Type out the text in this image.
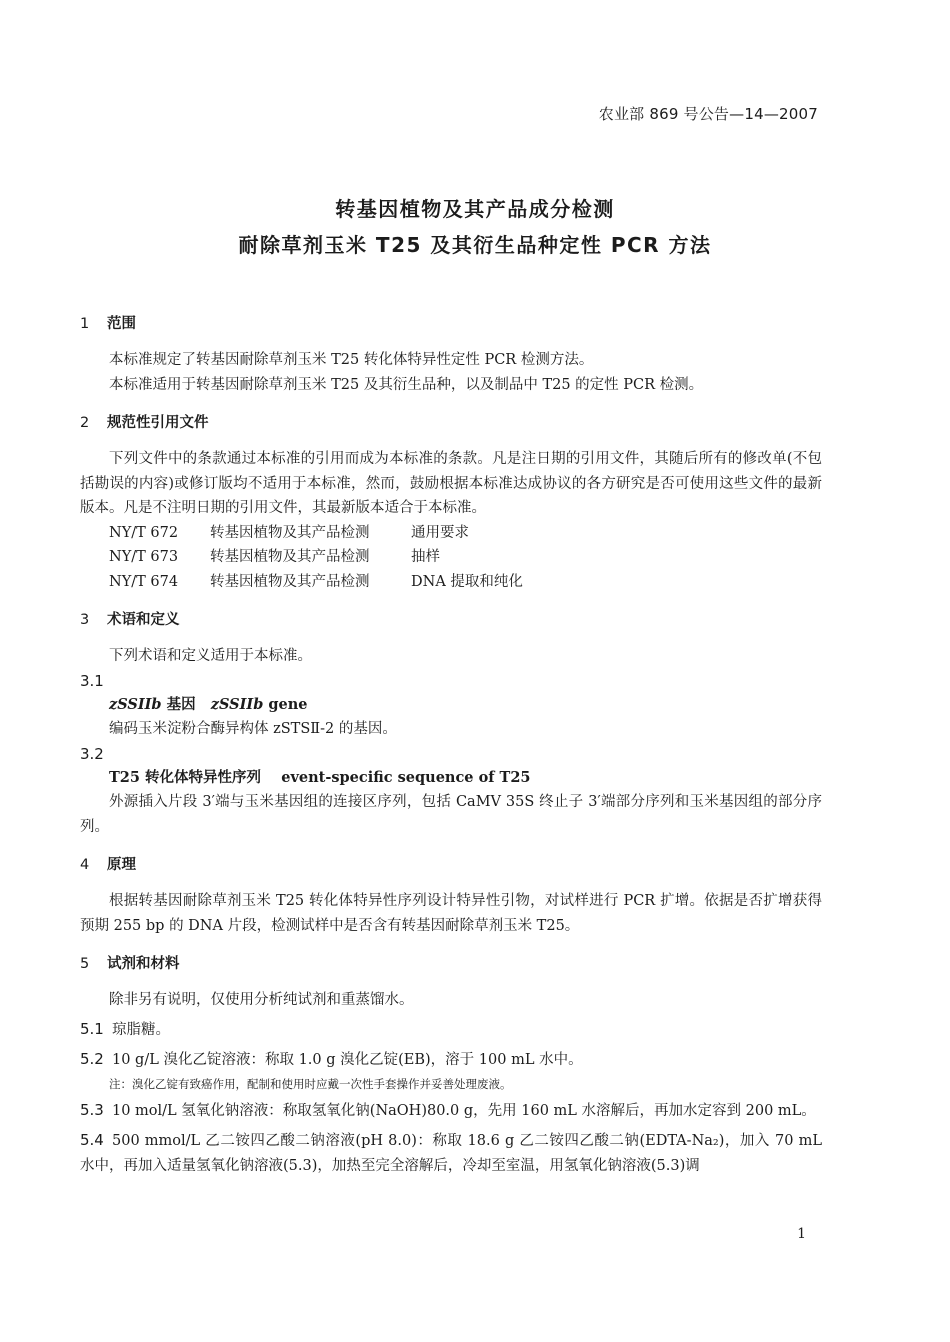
农业部 869 号公告—14—2007
转基因植物及其产品成分检测
耐除草剂玉米 T25 及其衍生品种定性 PCR 方法
1 范围
本标准规定了转基因耐除草剂玉米 T25 转化体特异性定性 PCR 检测方法。
本标准适用于转基因耐除草剂玉米 T25 及其衍生品种，以及制品中 T25 的定性 PCR 检测。
2 规范性引用文件
下列文件中的条款通过本标准的引用而成为本标准的条款。凡是注日期的引用文件，其随后所有的修改单(不包括勘误的内容)或修订版均不适用于本标准，然而，鼓励根据本标准达成协议的各方研究是否可使用这些文件的最新版本。凡是不注明日期的引用文件，其最新版本适合于本标准。
NY/T 672 转基因植物及其产品检测	通用要求
NY/T 673 转基因植物及其产品检测	抽样
NY/T 674 转基因植物及其产品检测	DNA 提取和纯化
3 术语和定义
下列术语和定义适用于本标准。
3.1
zSSIIb 基因 zSSIIb gene
编码玉米淀粉合酶异构体 zSTSⅡ-2 的基因。
3.2
T25 转化体特异性序列 event-specific sequence of T25
外源插入片段 3′端与玉米基因组的连接区序列，包括 CaMV 35S 终止子 3′端部分序列和玉米基因组的部分序列。
4 原理
根据转基因耐除草剂玉米 T25 转化体特异性序列设计特异性引物，对试样进行 PCR 扩增。依据是否扩增获得预期 255 bp 的 DNA 片段，检测试样中是否含有转基因耐除草剂玉米 T25。
5 试剂和材料
除非另有说明，仅使用分析纯试剂和重蒸馏水。
5.1 琼脂糖。
5.2 10 g/L 溴化乙锭溶液：称取 1.0 g 溴化乙锭(EB)，溶于 100 mL 水中。
注：溴化乙锭有致癌作用，配制和使用时应戴一次性手套操作并妥善处理废液。
5.3 10 mol/L 氢氧化钠溶液：称取氢氧化钠(NaOH)80.0 g，先用 160 mL 水溶解后，再加水定容到 200 mL。
5.4 500 mmol/L 乙二铵四乙酸二钠溶液(pH 8.0)：称取 18.6 g 乙二铵四乙酸二钠(EDTA-Na₂)，加入 70 mL 水中，再加入适量氢氧化钠溶液(5.3)，加热至完全溶解后，冷却至室温，用氢氧化钠溶液(5.3)调
1
